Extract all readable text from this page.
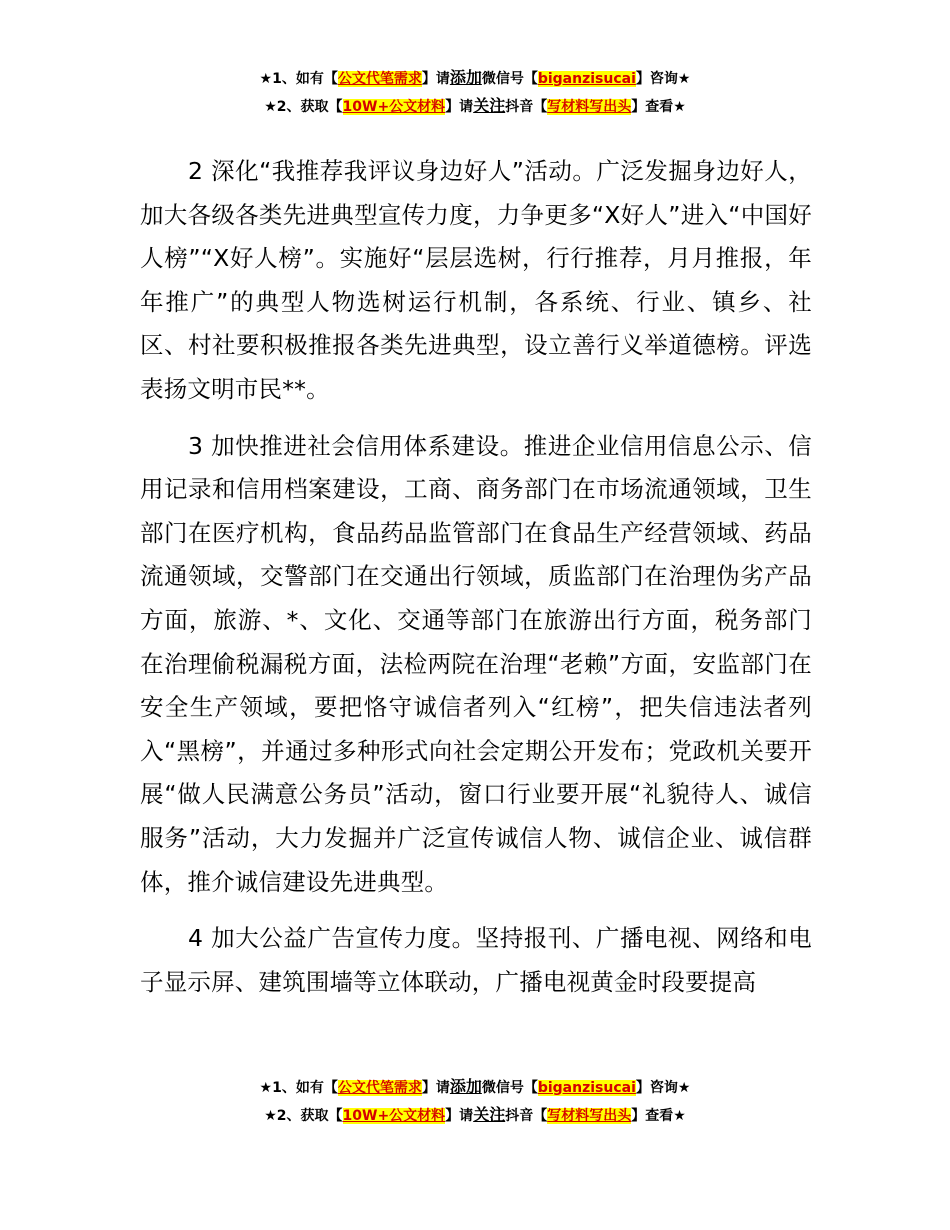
★1、如有【公文代笔需求】请添加微信号【biganzisucai】咨询★
★2、获取【10W+公文材料】请关注抖音【写材料写出头】查看★

2 深化“我推荐我评议身边好人”活动。广泛发掘身边好人，加大各级各类先进典型宣传力度，力争更多“X好人”进入“中国好人榜”“X好人榜”。实施好“层层选树，行行推荐，月月推报，年年推广”的典型人物选树运行机制，各系统、行业、镇乡、社区、村社要积极推报各类先进典型，设立善行义举道德榜。评选表扬文明市民**。

3 加快推进社会信用体系建设。推进企业信用信息公示、信用记录和信用档案建设，工商、商务部门在市场流通领域，卫生部门在医疗机构，食品药品监管部门在食品生产经营领域、药品流通领域，交警部门在交通出行领域，质监部门在治理伪劣产品方面，旅游、*、文化、交通等部门在旅游出行方面，税务部门在治理偷税漏税方面，法检两院在治理“老赖”方面，安监部门在安全生产领域，要把恪守诚信者列入“红榜”，把失信违法者列入“黑榜”，并通过多种形式向社会定期公开发布；党政机关要开展“做人民满意公务员”活动，窗口行业要开展“礼貌待人、诚信服务”活动，大力发掘并广泛宣传诚信人物、诚信企业、诚信群体，推介诚信建设先进典型。

4 加大公益广告宣传力度。坚持报刊、广播电视、网络和电子显示屏、建筑围墙等立体联动，广播电视黄金时段要提高

★1、如有【公文代笔需求】请添加微信号【biganzisucai】咨询★
★2、获取【10W+公文材料】请关注抖音【写材料写出头】查看★
